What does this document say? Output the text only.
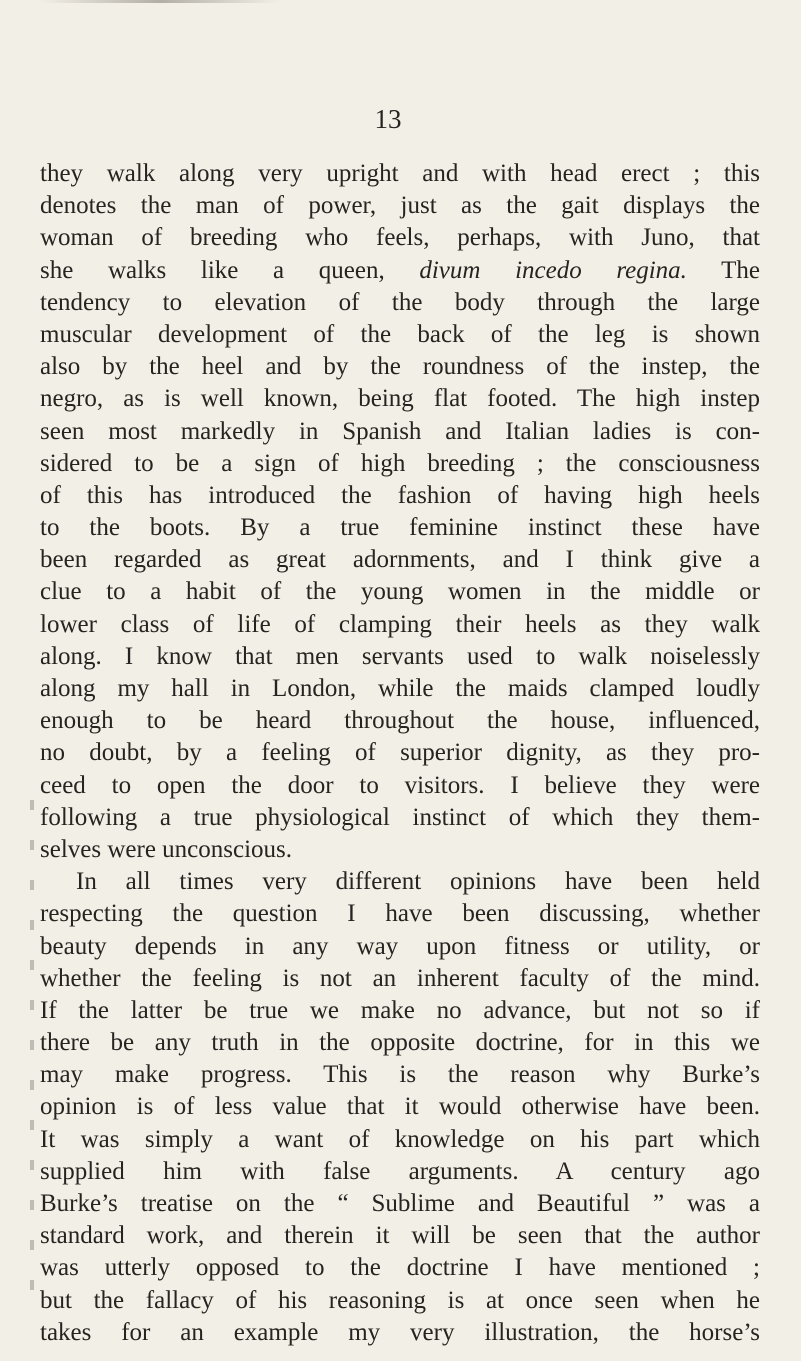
13
they walk along very upright and with head erect ; this
denotes the man of power, just as the gait displays the
woman of breeding who feels, perhaps, with Juno, that
she walks like a queen, divum incedo regina. The
tendency to elevation of the body through the large
muscular development of the back of the leg is shown
also by the heel and by the roundness of the instep, the
negro, as is well known, being flat footed. The high instep
seen most markedly in Spanish and Italian ladies is con-
sidered to be a sign of high breeding ; the consciousness
of this has introduced the fashion of having high heels
to the boots. By a true feminine instinct these have
been regarded as great adornments, and I think give a
clue to a habit of the young women in the middle or
lower class of life of clamping their heels as they walk
along. I know that men servants used to walk noiselessly
along my hall in London, while the maids clamped loudly
enough to be heard throughout the house, influenced,
no doubt, by a feeling of superior dignity, as they pro-
ceed to open the door to visitors. I believe they were
following a true physiological instinct of which they them-
selves were unconscious.
In all times very different opinions have been held
respecting the question I have been discussing, whether
beauty depends in any way upon fitness or utility, or
whether the feeling is not an inherent faculty of the mind.
If the latter be true we make no advance, but not so if
there be any truth in the opposite doctrine, for in this we
may make progress. This is the reason why Burke’s
opinion is of less value that it would otherwise have been.
It was simply a want of knowledge on his part which
supplied him with false arguments. A century ago
Burke’s treatise on the “ Sublime and Beautiful ” was a
standard work, and therein it will be seen that the author
was utterly opposed to the doctrine I have mentioned ;
but the fallacy of his reasoning is at once seen when he
takes for an example my very illustration, the horse’s
